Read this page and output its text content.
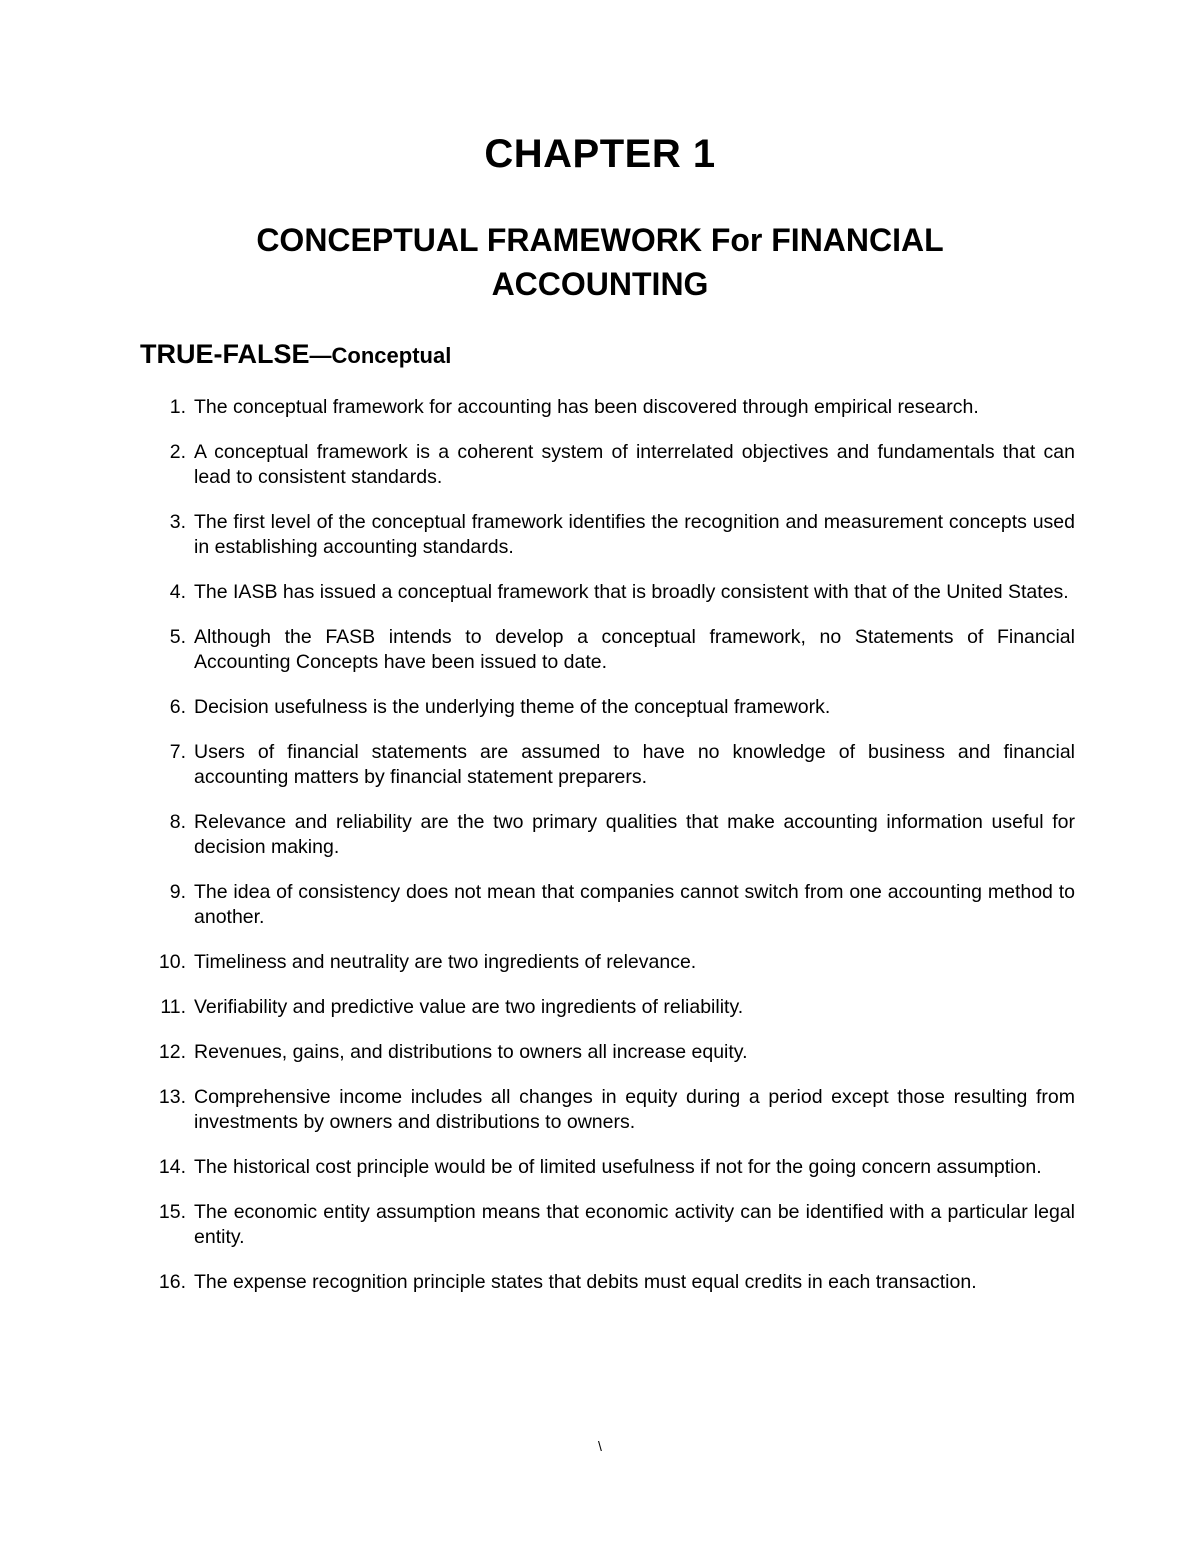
CHAPTER 1
CONCEPTUAL FRAMEWORK For FINANCIAL ACCOUNTING
TRUE-FALSE—Conceptual
1. The conceptual framework for accounting has been discovered through empirical research.
2. A conceptual framework is a coherent system of interrelated objectives and fundamentals that can lead to consistent standards.
3. The first level of the conceptual framework identifies the recognition and measurement concepts used in establishing accounting standards.
4. The IASB has issued a conceptual framework that is broadly consistent with that of the United States.
5. Although the FASB intends to develop a conceptual framework, no Statements of Financial Accounting Concepts have been issued to date.
6. Decision usefulness is the underlying theme of the conceptual framework.
7. Users of financial statements are assumed to have no knowledge of business and financial accounting matters by financial statement preparers.
8. Relevance and reliability are the two primary qualities that make accounting information useful for decision making.
9. The idea of consistency does not mean that companies cannot switch from one accounting method to another.
10. Timeliness and neutrality are two ingredients of relevance.
11. Verifiability and predictive value are two ingredients of reliability.
12. Revenues, gains, and distributions to owners all increase equity.
13. Comprehensive income includes all changes in equity during a period except those resulting from investments by owners and distributions to owners.
14. The historical cost principle would be of limited usefulness if not for the going concern assumption.
15. The economic entity assumption means that economic activity can be identified with a particular legal entity.
16. The expense recognition principle states that debits must equal credits in each transaction.
\
